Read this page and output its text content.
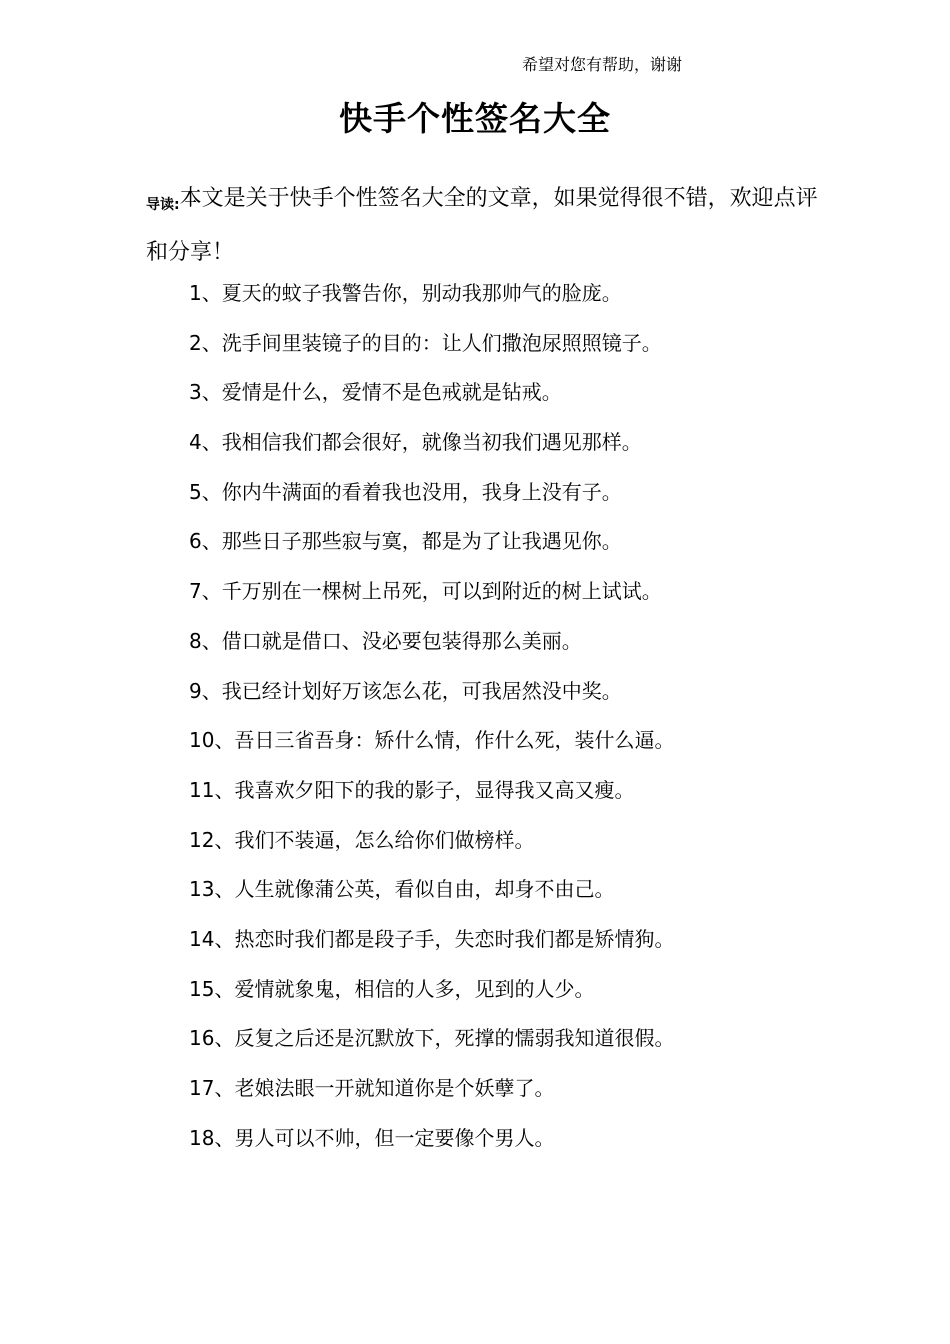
希望对您有帮助，谢谢
快手个性签名大全
导读:本文是关于快手个性签名大全的文章，如果觉得很不错，欢迎点评和分享！
1、夏天的蚊子我警告你，别动我那帅气的脸庞。
2、洗手间里装镜子的目的：让人们撒泡尿照照镜子。
3、爱情是什么，爱情不是色戒就是钻戒。
4、我相信我们都会很好，就像当初我们遇见那样。
5、你内牛满面的看着我也没用，我身上没有子。
6、那些日子那些寂与寞，都是为了让我遇见你。
7、千万别在一棵树上吊死，可以到附近的树上试试。
8、借口就是借口、没必要包装得那么美丽。
9、我已经计划好万该怎么花，可我居然没中奖。
10、吾日三省吾身：矫什么情，作什么死，装什么逼。
11、我喜欢夕阳下的我的影子，显得我又高又瘦。
12、我们不装逼，怎么给你们做榜样。
13、人生就像蒲公英，看似自由，却身不由己。
14、热恋时我们都是段子手，失恋时我们都是矫情狗。
15、爱情就象鬼，相信的人多，见到的人少。
16、反复之后还是沉默放下，死撑的懦弱我知道很假。
17、老娘法眼一开就知道你是个妖孽了。
18、男人可以不帅，但一定要像个男人。
